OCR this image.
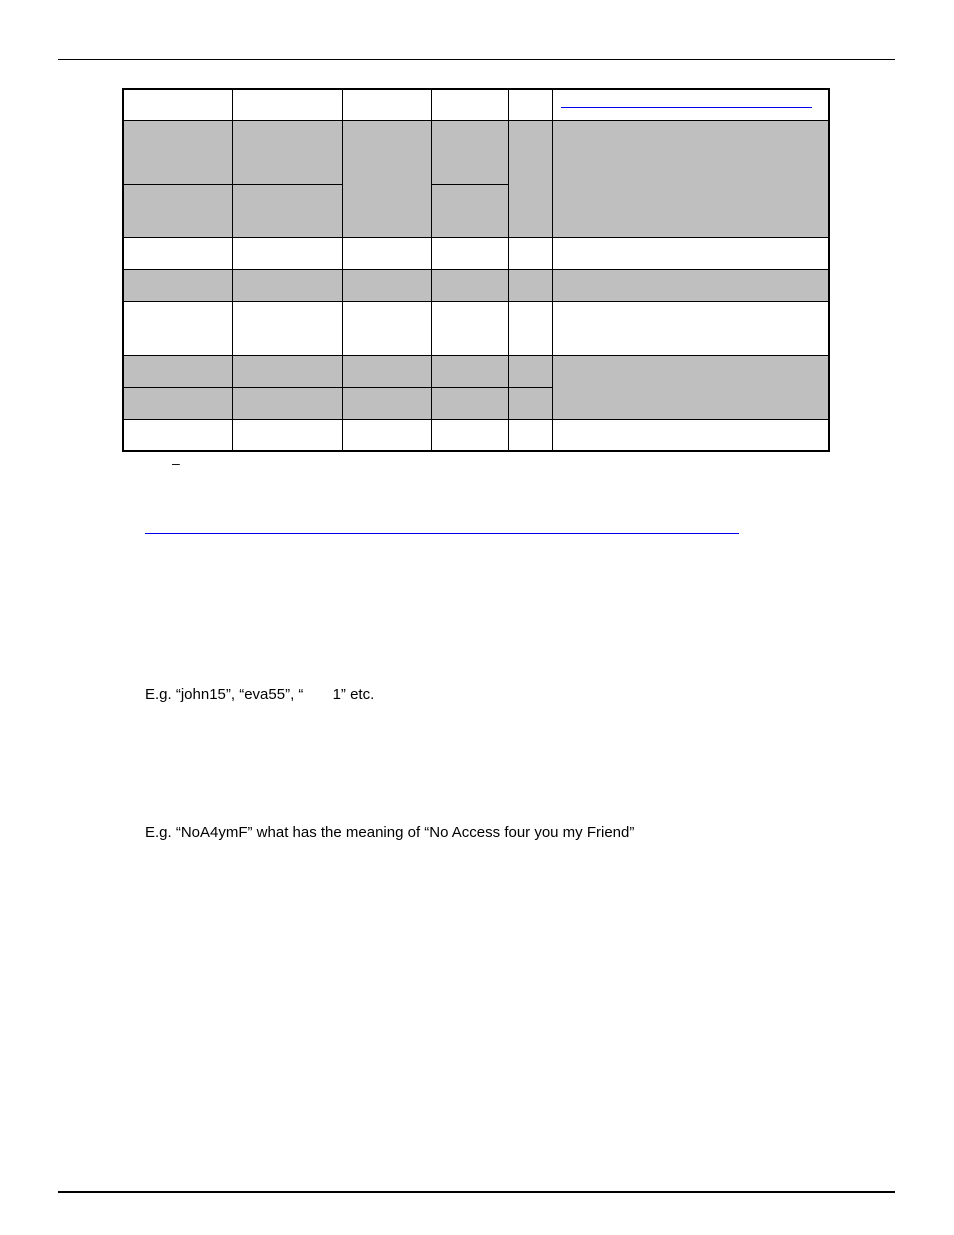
–
E.g. “john15”, “eva55”, “       1” etc.
E.g. “NoA4ymF” what has the meaning of “No Access four you my Friend”
